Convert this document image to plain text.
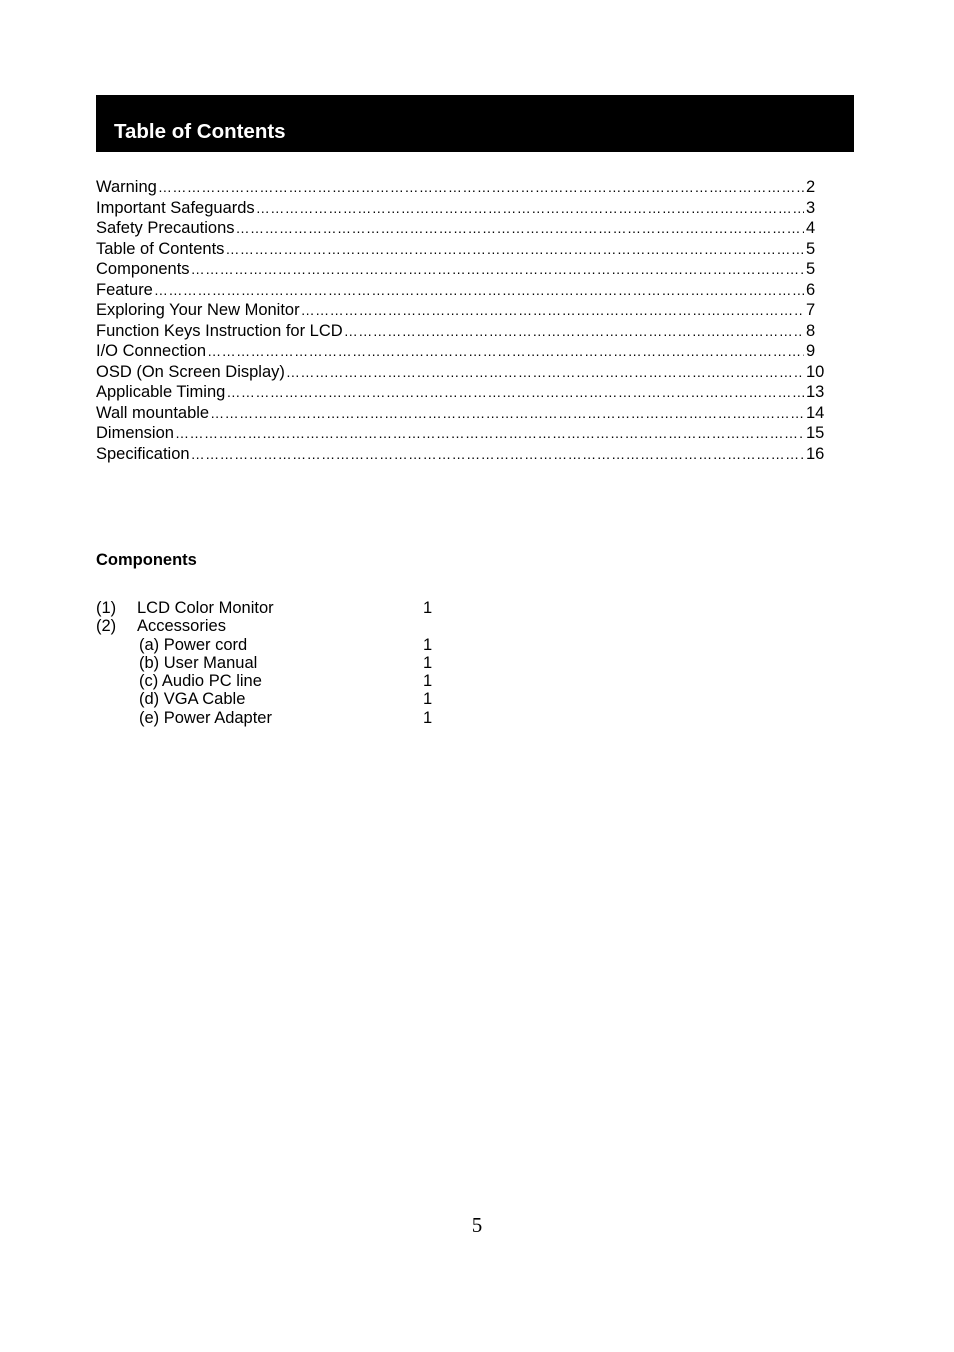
Table of Contents
Warning ……………………………………………………………………………………………………………………………………………………………………………	2
Important Safeguards ……………………………………………………………………………………………………………………………………………………………………………	3
Safety Precautions ……………………………………………………………………………………………………………………………………………………………………………	4
Table of Contents ……………………………………………………………………………………………………………………………………………………………………………	5
Components ……………………………………………………………………………………………………………………………………………………………………………	5
Feature ……………………………………………………………………………………………………………………………………………………………………………	6
Exploring Your New Monitor ……………………………………………………………………………………………………………………………………………………………………………	7
Function Keys Instruction for LCD ……………………………………………………………………………………………………………………………………………………………………………	8
I/O Connection ……………………………………………………………………………………………………………………………………………………………………………	9
OSD (On Screen Display) ……………………………………………………………………………………………………………………………………………………………………………	10
Applicable Timing ……………………………………………………………………………………………………………………………………………………………………………	13
Wall mountable ……………………………………………………………………………………………………………………………………………………………………………	14
Dimension ……………………………………………………………………………………………………………………………………………………………………………	15
Specification ……………………………………………………………………………………………………………………………………………………………………………	16
Components
(1) LCD Color Monitor	1
(2) Accessories
(a) Power cord	1
(b) User Manual	1
(c) Audio PC line	1
(d) VGA Cable	1
(e) Power Adapter	1
5
